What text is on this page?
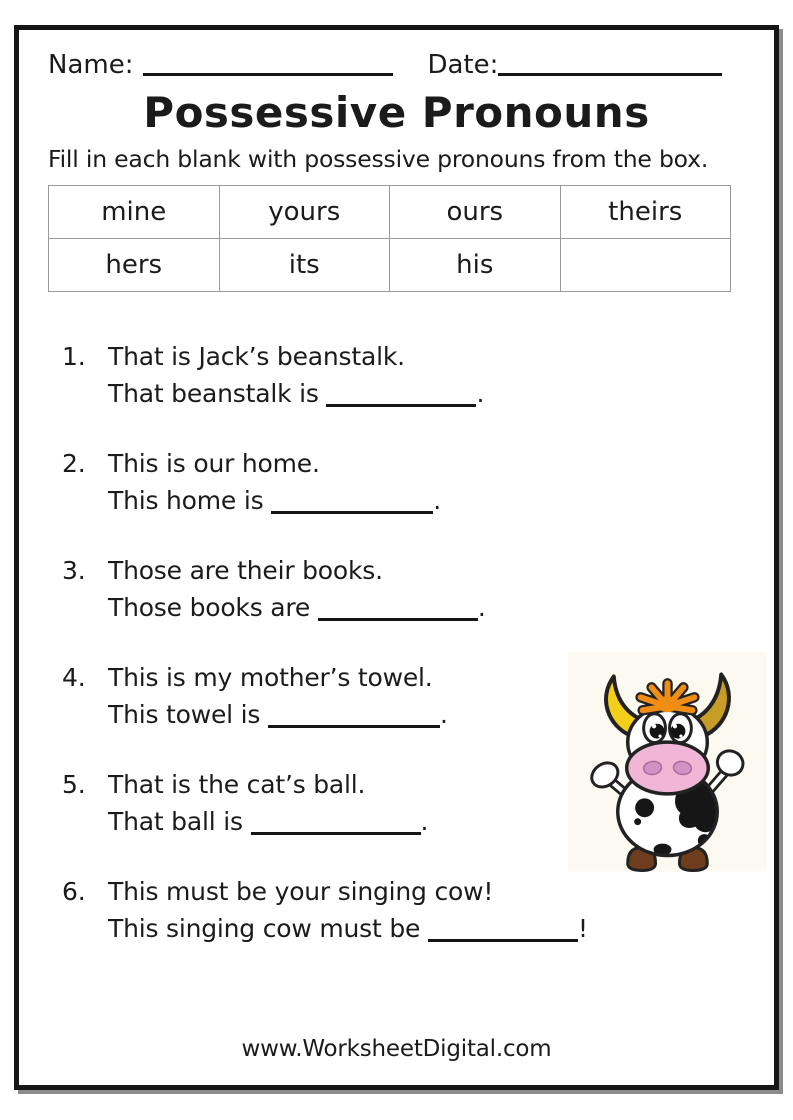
Name:	Date:
Possessive Pronouns
Fill in each blank with possessive pronouns from the box.
mine	yours	ours	theirs
hers	its	his	
1. That is Jack’s beanstalk.
That beanstalk is	.
2. This is our home.
This home is	.
3. Those are their books.
Those books are	.
4. This is my mother’s towel.
This towel is	.
5. That is the cat’s ball.
That ball is	.
6. This must be your singing cow!
This singing cow must be	!
www.WorksheetDigital.com
